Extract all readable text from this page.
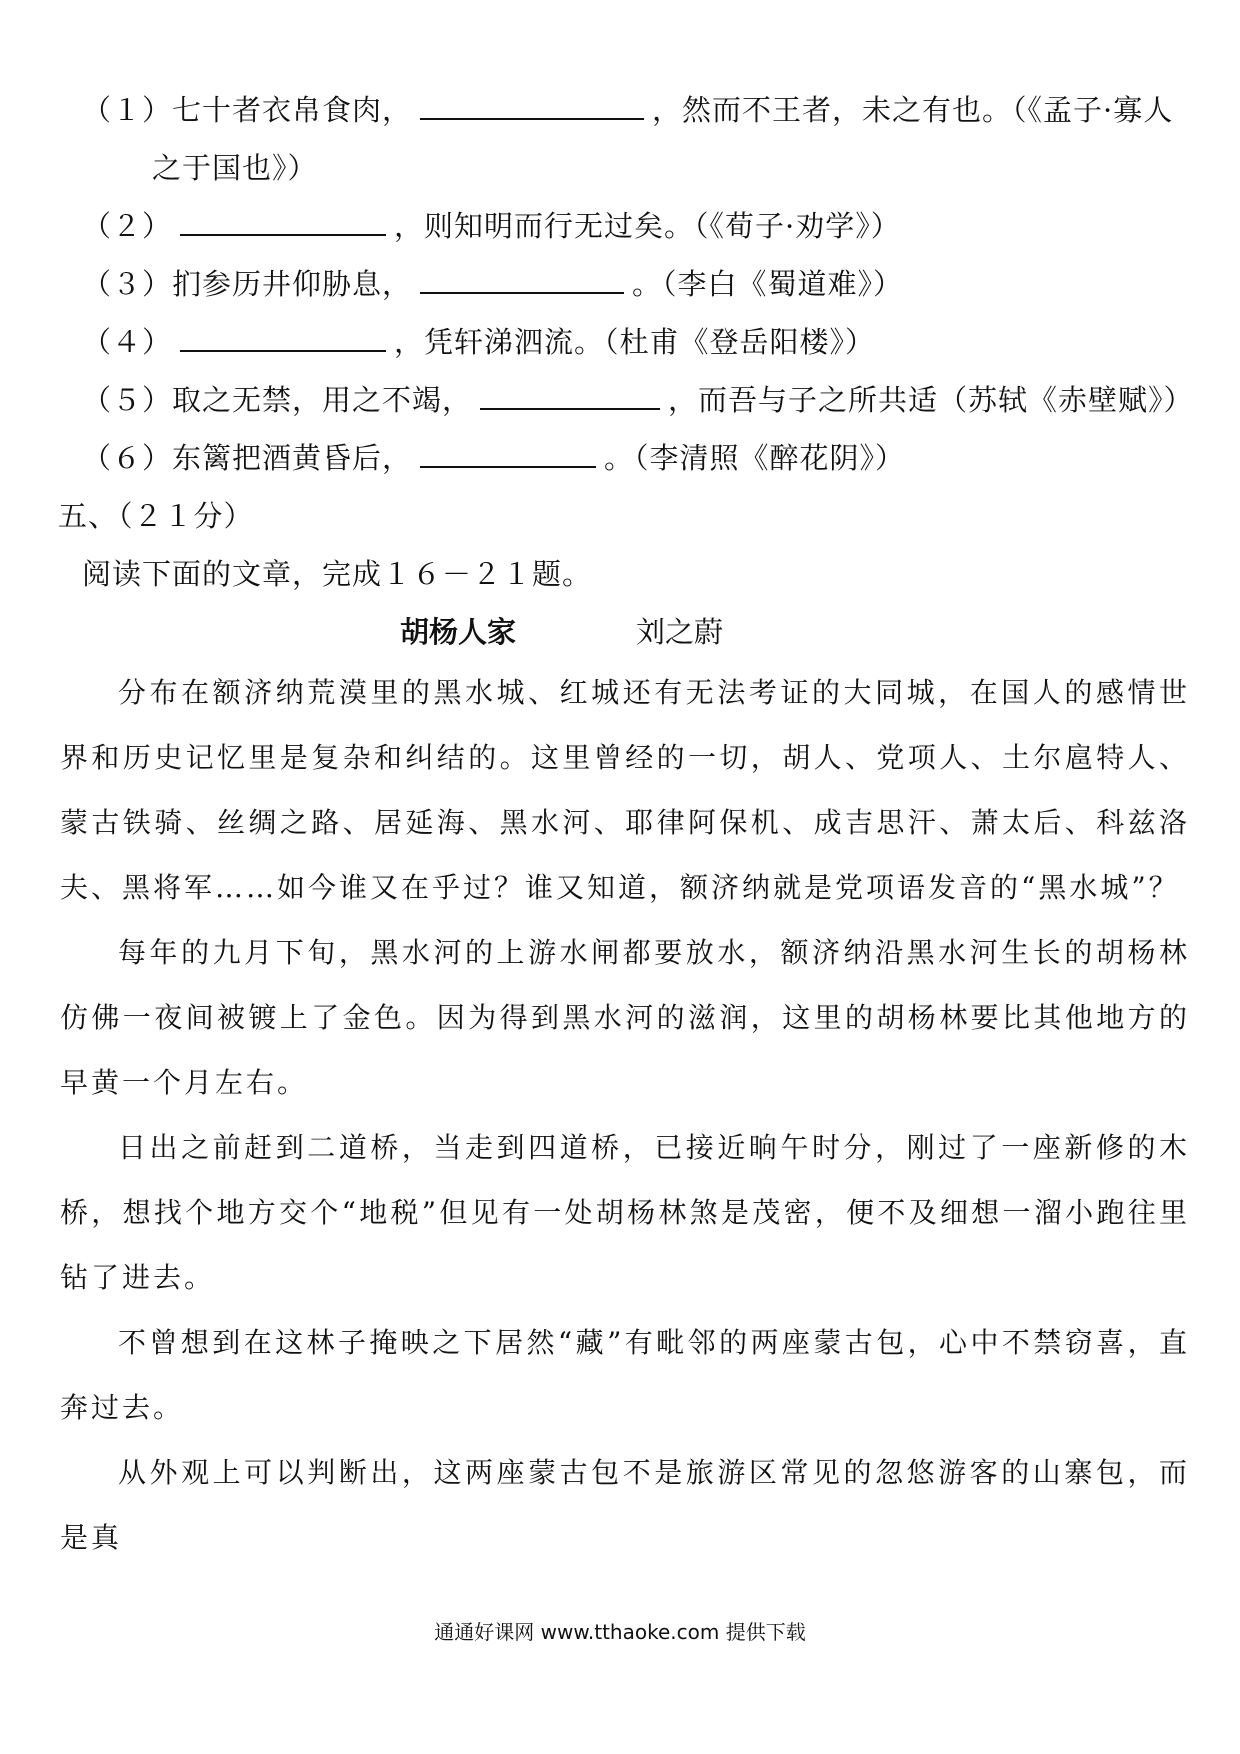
（１）七十者衣帛食肉，	，然而不王者，未之有也。（《孟子·寡人
之于国也》）
（２）	，则知明而行无过矣。（《荀子·劝学》）
（３）扪参历井仰胁息，	。（李白《蜀道难》）
（４）	，凭轩涕泗流。（杜甫《登岳阳楼》）
（５）取之无禁，用之不竭，	，而吾与子之所共适（苏轼《赤壁赋》）
（６）东篱把酒黄昏后，	。（李清照《醉花阴》）
五、（２１分）
阅读下面的文章，完成１６－２１题。
胡杨人家	刘之蔚

分布在额济纳荒漠里的黑水城、红城还有无法考证的大同城，在国人的感情世界和历史记忆里是复杂和纠结的。这里曾经的一切，胡人、党项人、土尔扈特人、蒙古铁骑、丝绸之路、居延海、黑水河、耶律阿保机、成吉思汗、萧太后、科兹洛夫、黑将军……如今谁又在乎过？谁又知道，额济纳就是党项语发音的“黑水城”？

每年的九月下旬，黑水河的上游水闸都要放水，额济纳沿黑水河生长的胡杨林仿佛一夜间被镀上了金色。因为得到黑水河的滋润，这里的胡杨林要比其他地方的早黄一个月左右。

日出之前赶到二道桥，当走到四道桥，已接近晌午时分，刚过了一座新修的木桥，想找个地方交个“地税”但见有一处胡杨林煞是茂密，便不及细想一溜小跑往里钻了进去。

不曾想到在这林子掩映之下居然“藏”有毗邻的两座蒙古包，心中不禁窃喜，直奔过去。

从外观上可以判断出，这两座蒙古包不是旅游区常见的忽悠游客的山寨包，而是真

通通好课网 www.tthaoke.com 提供下载
